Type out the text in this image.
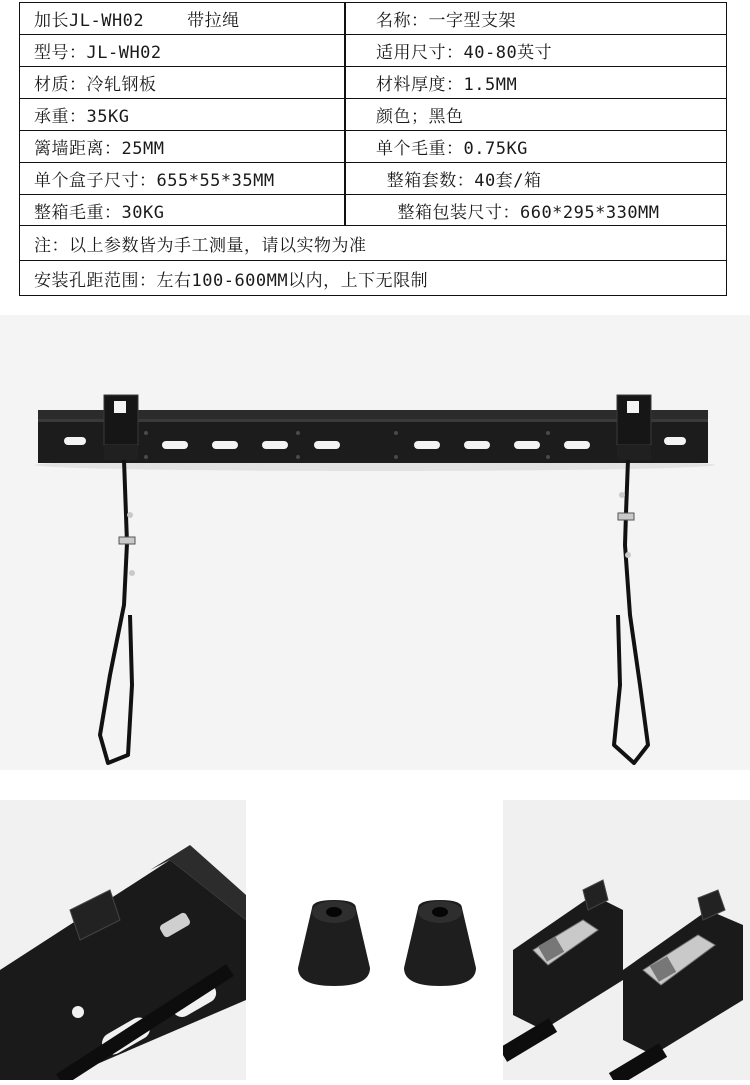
加长JL-WH02    带拉绳	名称：一字型支架
型号：JL-WH02	适用尺寸：40-80英寸
材质：冷轧钢板	材料厚度：1.5MM
承重：35KG	颜色；黑色
篱墙距离：25MM	单个毛重：0.75KG
单个盒子尺寸：655*55*35MM	整箱套数：40套/箱
整箱毛重：30KG	整箱包装尺寸：660*295*330MM
注：以上参数皆为手工测量，请以实物为准
安装孔距范围：左右100-600MM以内，上下无限制
